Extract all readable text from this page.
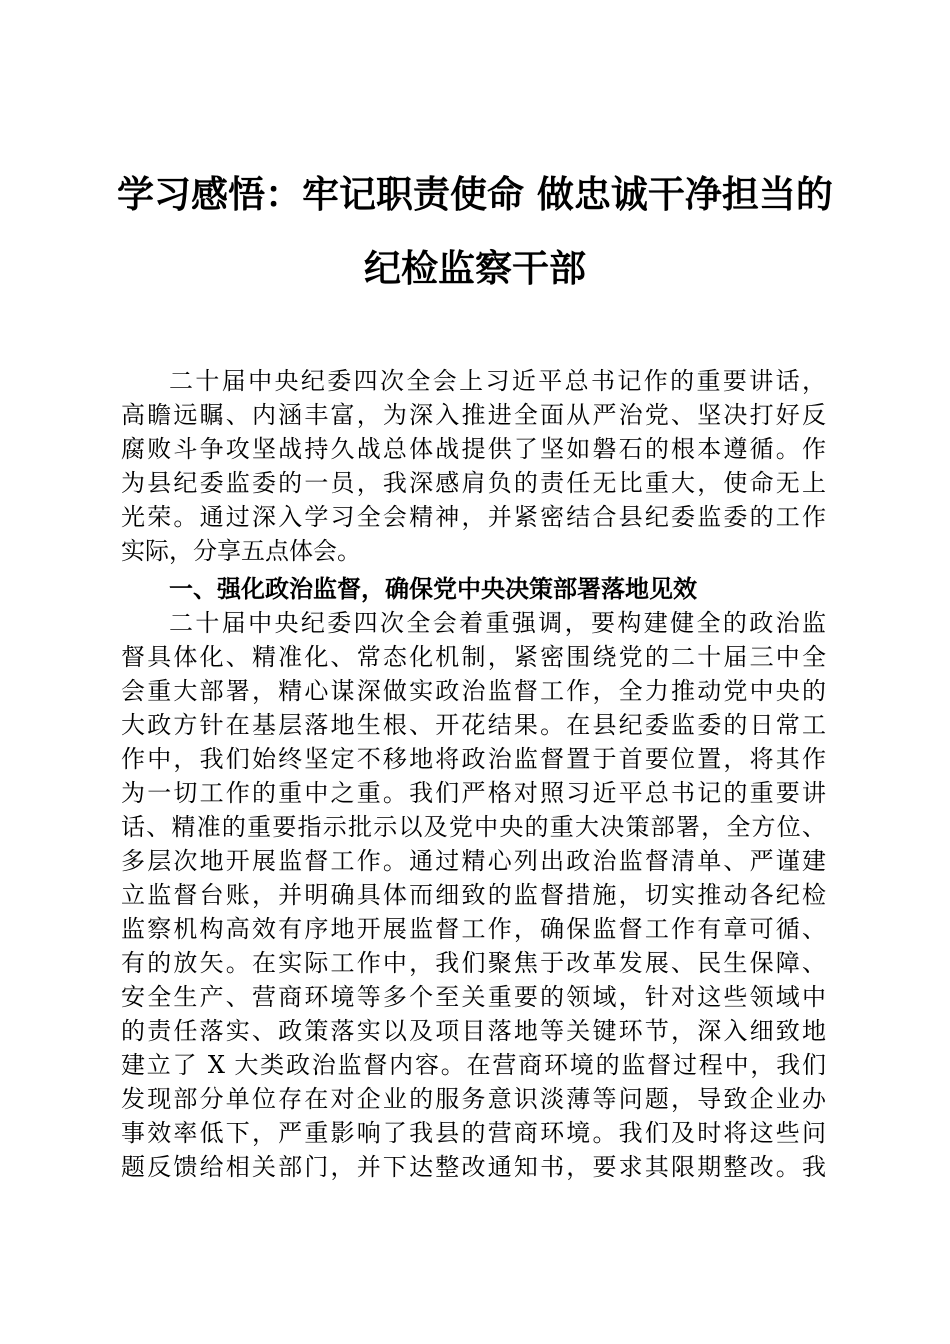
学习感悟：牢记职责使命 做忠诚干净担当的
纪检监察干部
二十届中央纪委四次全会上习近平总书记作的重要讲话，
高瞻远瞩、内涵丰富，为深入推进全面从严治党、坚决打好反
腐败斗争攻坚战持久战总体战提供了坚如磐石的根本遵循。作
为县纪委监委的一员，我深感肩负的责任无比重大，使命无上
光荣。通过深入学习全会精神，并紧密结合县纪委监委的工作
实际，分享五点体会。
一、强化政治监督，确保党中央决策部署落地见效
二十届中央纪委四次全会着重强调，要构建健全的政治监
督具体化、精准化、常态化机制，紧密围绕党的二十届三中全
会重大部署，精心谋深做实政治监督工作，全力推动党中央的
大政方针在基层落地生根、开花结果。在县纪委监委的日常工
作中，我们始终坚定不移地将政治监督置于首要位置，将其作
为一切工作的重中之重。我们严格对照习近平总书记的重要讲
话、精准的重要指示批示以及党中央的重大决策部署，全方位、
多层次地开展监督工作。通过精心列出政治监督清单、严谨建
立监督台账，并明确具体而细致的监督措施，切实推动各纪检
监察机构高效有序地开展监督工作，确保监督工作有章可循、
有的放矢。在实际工作中，我们聚焦于改革发展、民生保障、
安全生产、营商环境等多个至关重要的领域，针对这些领域中
的责任落实、政策落实以及项目落地等关键环节，深入细致地
建立了 X 大类政治监督内容。在营商环境的监督过程中，我们
发现部分单位存在对企业的服务意识淡薄等问题，导致企业办
事效率低下，严重影响了我县的营商环境。我们及时将这些问
题反馈给相关部门，并下达整改通知书，要求其限期整改。我
